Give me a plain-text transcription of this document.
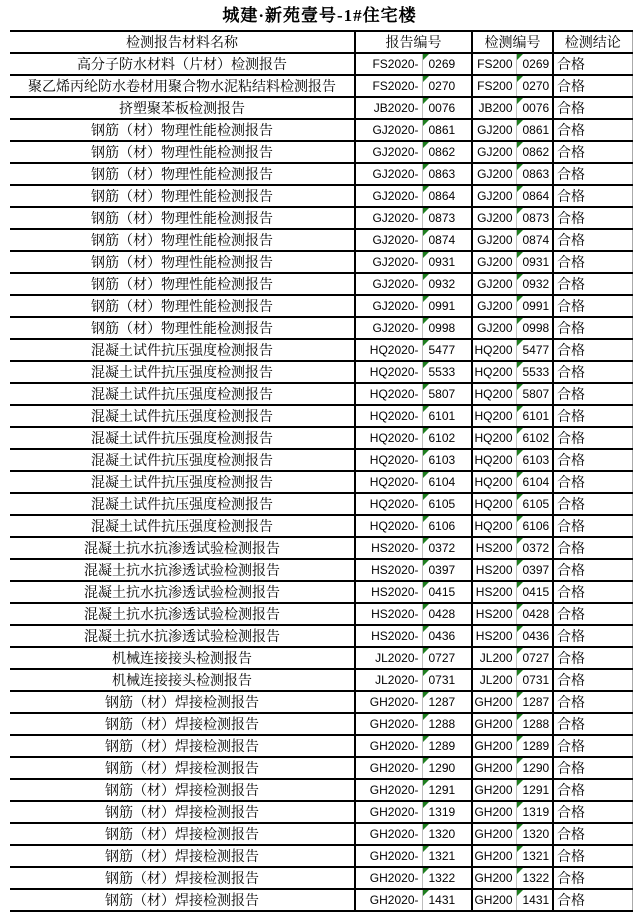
城建·新苑壹号-1#住宅楼
检测报告材料名称	报告编号		检测编号		检测结论
高分子防水材料（片材）检测报告	FS2020-	0269	FS200	0269	合格
聚乙烯丙纶防水卷材用聚合物水泥粘结料检测报告	FS2020-	0270	FS200	0270	合格
挤塑聚苯板检测报告	JB2020-	0076	JB200	0076	合格
钢筋（材）物理性能检测报告	GJ2020-	0861	GJ200	0861	合格
钢筋（材）物理性能检测报告	GJ2020-	0862	GJ200	0862	合格
钢筋（材）物理性能检测报告	GJ2020-	0863	GJ200	0863	合格
钢筋（材）物理性能检测报告	GJ2020-	0864	GJ200	0864	合格
钢筋（材）物理性能检测报告	GJ2020-	0873	GJ200	0873	合格
钢筋（材）物理性能检测报告	GJ2020-	0874	GJ200	0874	合格
钢筋（材）物理性能检测报告	GJ2020-	0931	GJ200	0931	合格
钢筋（材）物理性能检测报告	GJ2020-	0932	GJ200	0932	合格
钢筋（材）物理性能检测报告	GJ2020-	0991	GJ200	0991	合格
钢筋（材）物理性能检测报告	GJ2020-	0998	GJ200	0998	合格
混凝土试件抗压强度检测报告	HQ2020-	5477	HQ200	5477	合格
混凝土试件抗压强度检测报告	HQ2020-	5533	HQ200	5533	合格
混凝土试件抗压强度检测报告	HQ2020-	5807	HQ200	5807	合格
混凝土试件抗压强度检测报告	HQ2020-	6101	HQ200	6101	合格
混凝土试件抗压强度检测报告	HQ2020-	6102	HQ200	6102	合格
混凝土试件抗压强度检测报告	HQ2020-	6103	HQ200	6103	合格
混凝土试件抗压强度检测报告	HQ2020-	6104	HQ200	6104	合格
混凝土试件抗压强度检测报告	HQ2020-	6105	HQ200	6105	合格
混凝土试件抗压强度检测报告	HQ2020-	6106	HQ200	6106	合格
混凝土抗水抗渗透试验检测报告	HS2020-	0372	HS200	0372	合格
混凝土抗水抗渗透试验检测报告	HS2020-	0397	HS200	0397	合格
混凝土抗水抗渗透试验检测报告	HS2020-	0415	HS200	0415	合格
混凝土抗水抗渗透试验检测报告	HS2020-	0428	HS200	0428	合格
混凝土抗水抗渗透试验检测报告	HS2020-	0436	HS200	0436	合格
机械连接接头检测报告	JL2020-	0727	JL200	0727	合格
机械连接接头检测报告	JL2020-	0731	JL200	0731	合格
钢筋（材）焊接检测报告	GH2020-	1287	GH200	1287	合格
钢筋（材）焊接检测报告	GH2020-	1288	GH200	1288	合格
钢筋（材）焊接检测报告	GH2020-	1289	GH200	1289	合格
钢筋（材）焊接检测报告	GH2020-	1290	GH200	1290	合格
钢筋（材）焊接检测报告	GH2020-	1291	GH200	1291	合格
钢筋（材）焊接检测报告	GH2020-	1319	GH200	1319	合格
钢筋（材）焊接检测报告	GH2020-	1320	GH200	1320	合格
钢筋（材）焊接检测报告	GH2020-	1321	GH200	1321	合格
钢筋（材）焊接检测报告	GH2020-	1322	GH200	1322	合格
钢筋（材）焊接检测报告	GH2020-	1431	GH200	1431	合格
